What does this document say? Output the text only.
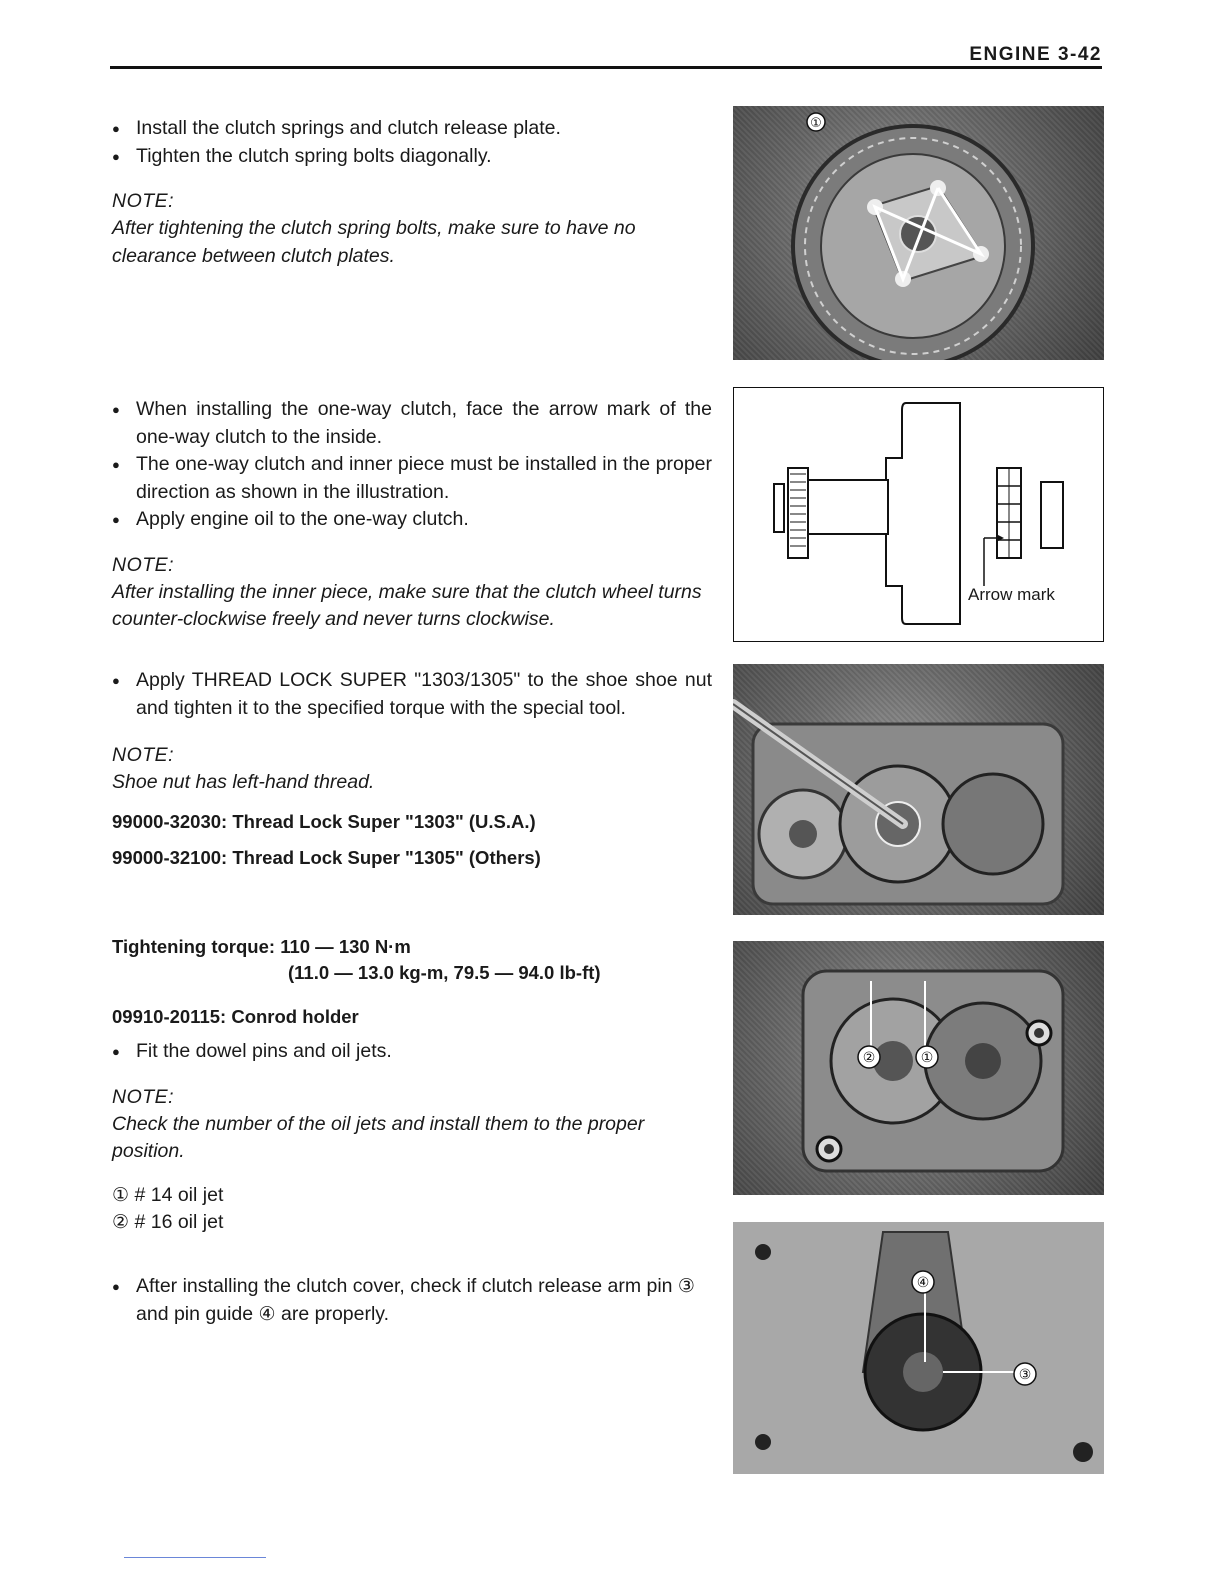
ENGINE 3-42
● Install the clutch springs and clutch release plate.
● Tighten the clutch spring bolts diagonally.

NOTE:

After tightening the clutch spring bolts, make sure to have no clearance between clutch plates.

● When installing the one-way clutch, face the arrow mark of the one-way clutch to the inside.
● The one-way clutch and inner piece must be installed in the proper direction as shown in the illustration.
● Apply engine oil to the one-way clutch.

NOTE:

After installing the inner piece, make sure that the clutch wheel turns counter-clockwise freely and never turns clockwise.

● Apply THREAD LOCK SUPER "1303/1305" to the shoe shoe nut and tighten it to the specified torque with the special tool.

NOTE:

Shoe nut has left-hand thread.

99000-32030: Thread Lock Super "1303" (U.S.A.)

99000-32100: Thread Lock Super "1305" (Others)

Tightening torque: 110 — 130 N·m

(11.0 — 13.0 kg-m, 79.5 — 94.0 lb-ft)

09910-20115: Conrod holder

● Fit the dowel pins and oil jets.

NOTE:

Check the number of the oil jets and install them to the proper position.

① # 14 oil jet

② # 16 oil jet

● After installing the clutch cover, check if clutch release arm pin ③ and pin guide ④ are properly.
①
Arrow mark
②	①
④
③
